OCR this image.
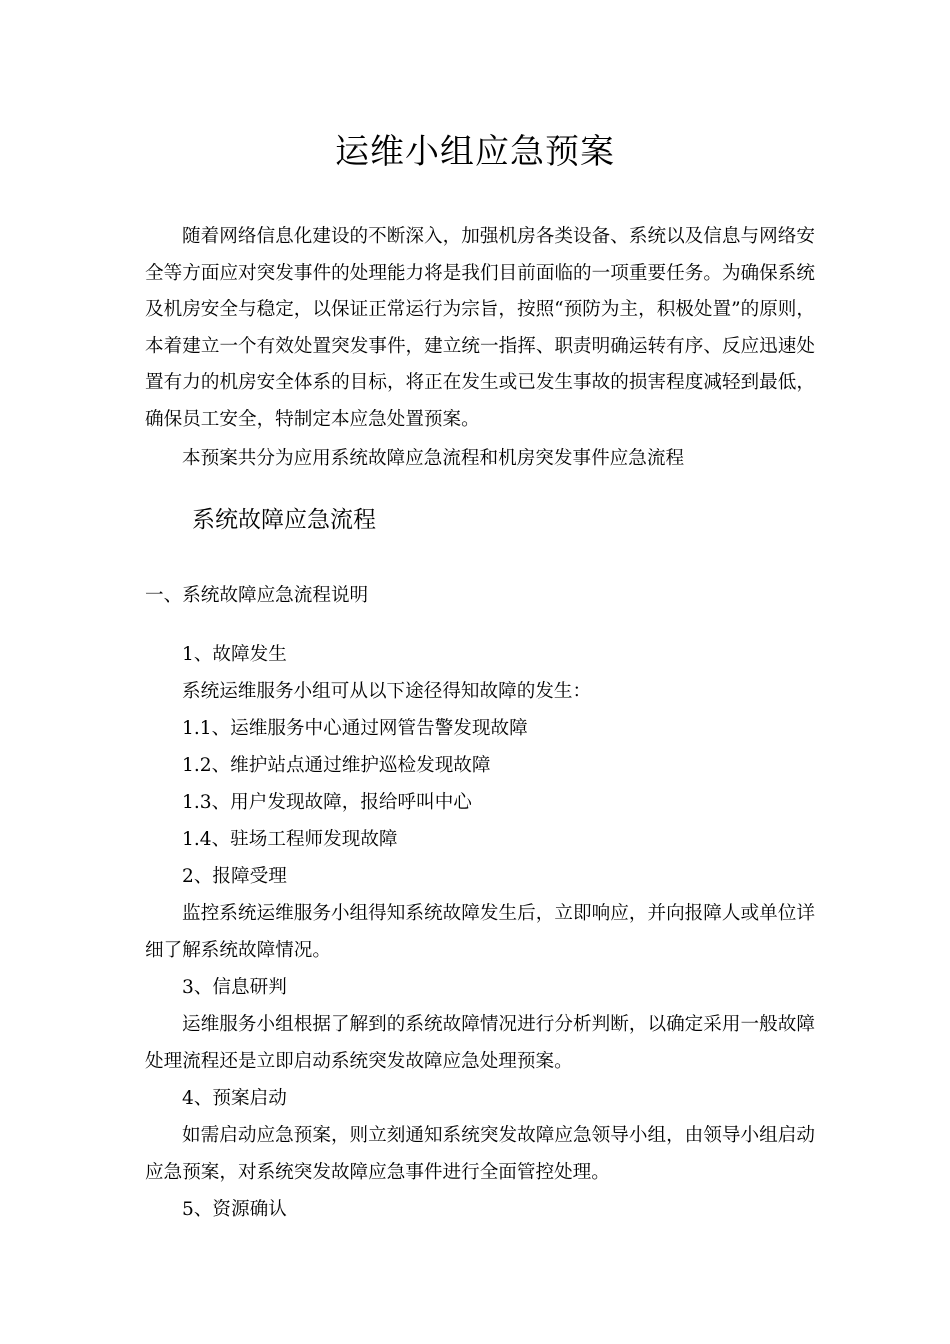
运维小组应急预案
随着网络信息化建设的不断深入，加强机房各类设备、系统以及信息与网络安全等方面应对突发事件的处理能力将是我们目前面临的一项重要任务。为确保系统及机房安全与稳定，以保证正常运行为宗旨，按照“预防为主，积极处置”的原则，本着建立一个有效处置突发事件，建立统一指挥、职责明确运转有序、反应迅速处置有力的机房安全体系的目标，将正在发生或已发生事故的损害程度减轻到最低，确保员工安全，特制定本应急处置预案。
本预案共分为应用系统故障应急流程和机房突发事件应急流程
系统故障应急流程
一、系统故障应急流程说明
1、故障发生
系统运维服务小组可从以下途径得知故障的发生：
1.1、运维服务中心通过网管告警发现故障
1.2、维护站点通过维护巡检发现故障
1.3、用户发现故障，报给呼叫中心
1.4、驻场工程师发现故障
2、报障受理
监控系统运维服务小组得知系统故障发生后，立即响应，并向报障人或单位详细了解系统故障情况。
3、信息研判
运维服务小组根据了解到的系统故障情况进行分析判断，以确定采用一般故障处理流程还是立即启动系统突发故障应急处理预案。
4、预案启动
如需启动应急预案，则立刻通知系统突发故障应急领导小组，由领导小组启动应急预案，对系统突发故障应急事件进行全面管控处理。
5、资源确认
